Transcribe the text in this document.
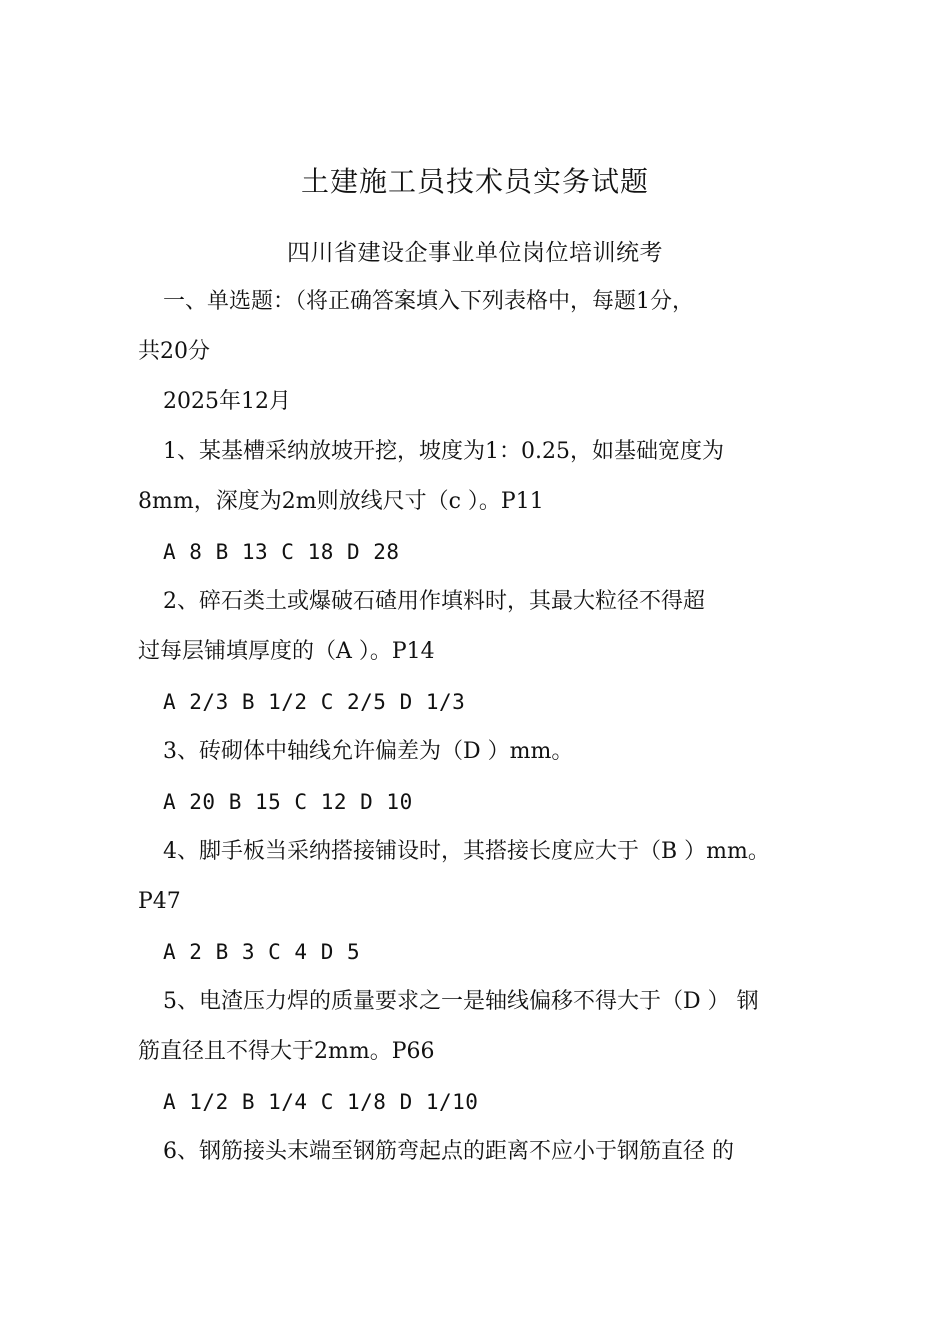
土建施工员技术员实务试题
四川省建设企事业单位岗位培训统考
一、单选题：（将正确答案填入下列表格中，每题1分，
共20分
2025年12月
1、某基槽采纳放坡开挖，坡度为1：0.25，如基础宽度为
8mm，深度为2m则放线尺寸（c ）。P11
A 8 B 13 C 18 D 28
2、碎石类土或爆破石碴用作填料时，其最大粒径不得超
过每层铺填厚度的（A ）。P14
A 2/3 B 1/2 C 2/5 D 1/3
3、砖砌体中轴线允许偏差为（D ）mm。
A 20 B 15 C 12 D 10
4、脚手板当采纳搭接铺设时，其搭接长度应大于（B ）mm。
P47
A 2 B 3 C 4 D 5
5、电渣压力焊的质量要求之一是轴线偏移不得大于（D ） 钢
筋直径且不得大于2mm。P66
A 1/2 B 1/4 C 1/8 D 1/10
6、钢筋接头末端至钢筋弯起点的距离不应小于钢筋直径 的
